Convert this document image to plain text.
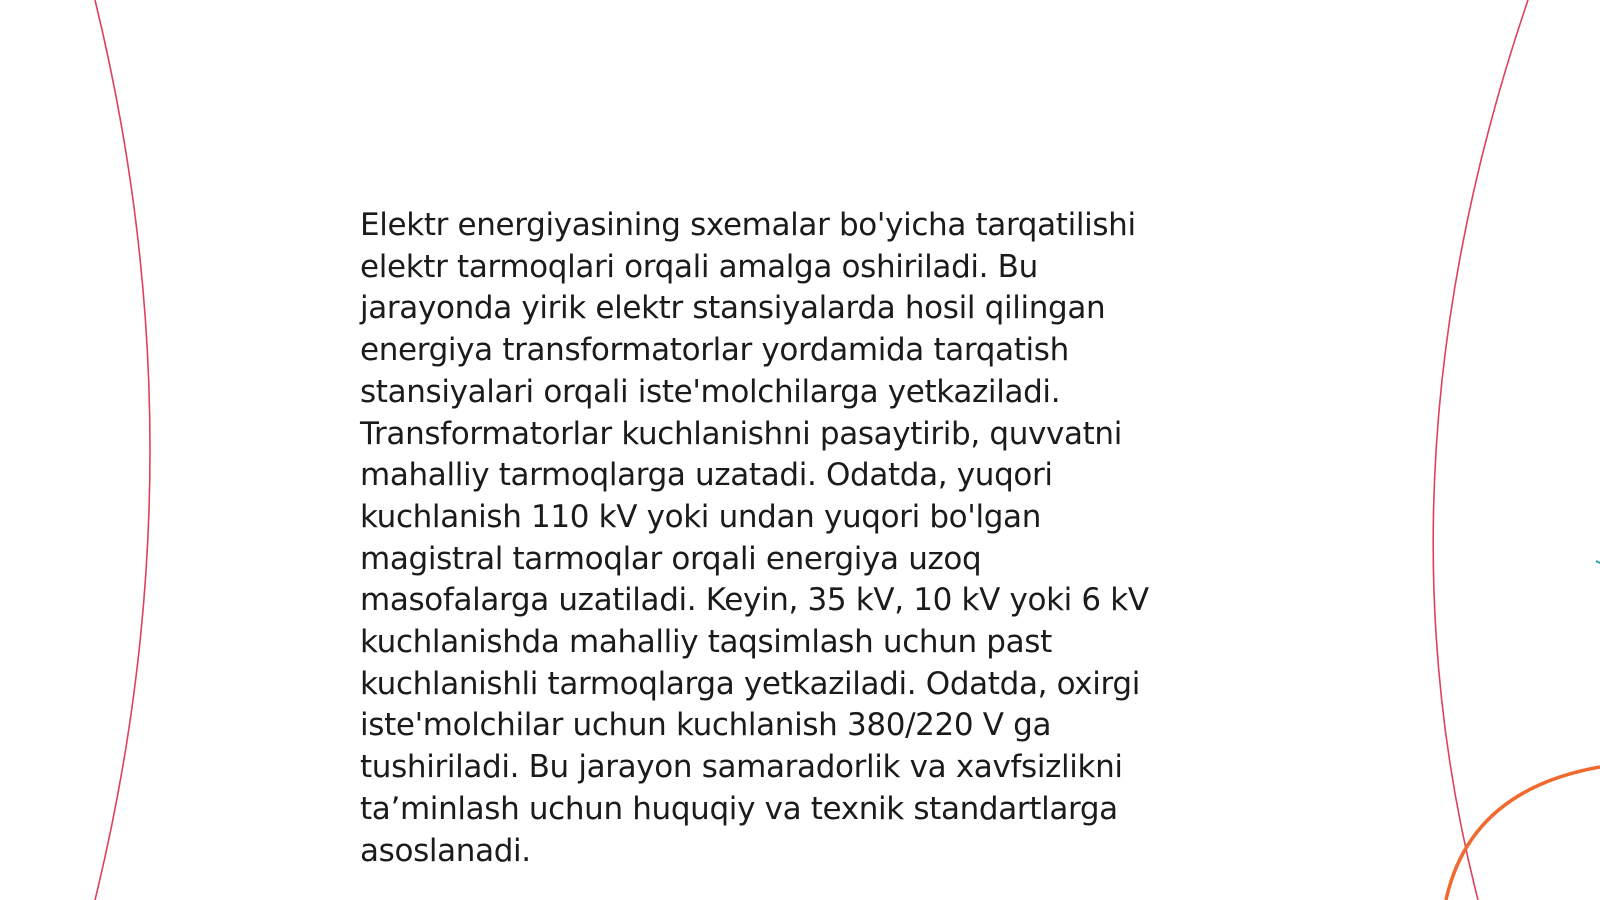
Elektr energiyasining sxemalar bo'yicha tarqatilishi
elektr tarmoqlari orqali amalga oshiriladi. Bu
jarayonda yirik elektr stansiyalarda hosil qilingan
energiya transformatorlar yordamida tarqatish
stansiyalari orqali iste'molchilarga yetkaziladi.
Transformatorlar kuchlanishni pasaytirib, quvvatni
mahalliy tarmoqlarga uzatadi. Odatda, yuqori
kuchlanish 110 kV yoki undan yuqori bo'lgan
magistral tarmoqlar orqali energiya uzoq
masofalarga uzatiladi. Keyin, 35 kV, 10 kV yoki 6 kV
kuchlanishda mahalliy taqsimlash uchun past
kuchlanishli tarmoqlarga yetkaziladi. Odatda, oxirgi
iste'molchilar uchun kuchlanish 380/220 V ga
tushiriladi. Bu jarayon samaradorlik va xavfsizlikni
ta’minlash uchun huquqiy va texnik standartlarga
asoslanadi.
